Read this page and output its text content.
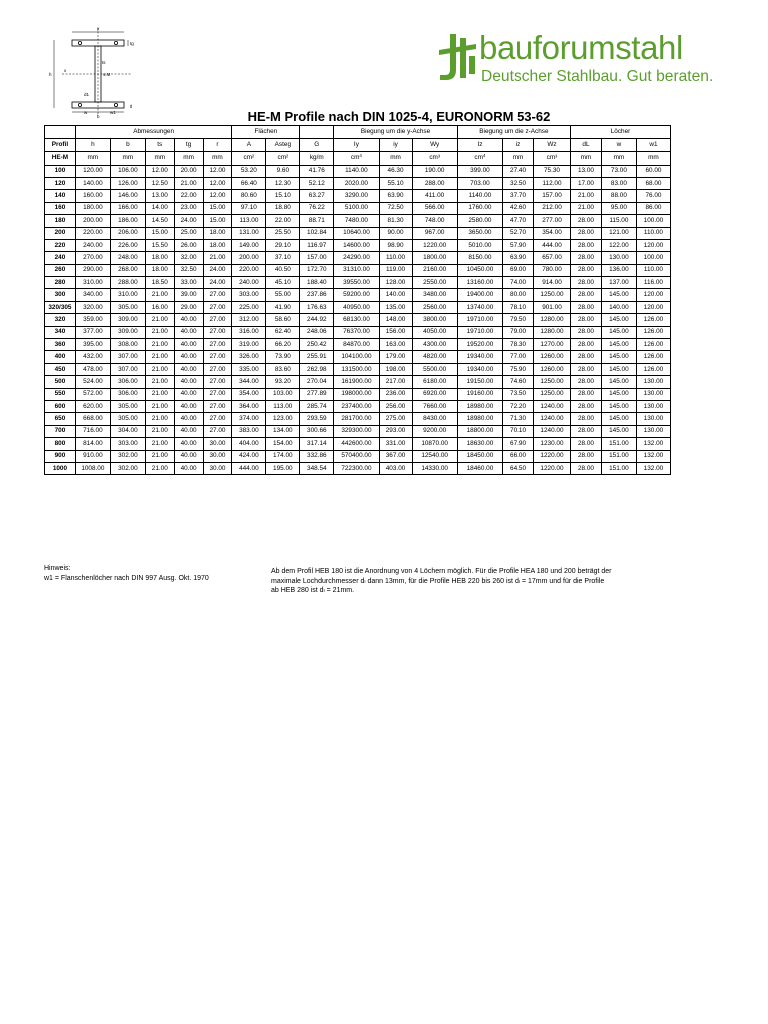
y
x
tg
ts
h
b
s.M
d1
w	w1
tl
bauforumstahl
Deutscher Stahlbau. Gut beraten.
HE-M Profile nach DIN 1025-4, EURONORM 53-62
	Abmessungen					Flächen			Biegung um die y-Achse			Biegung um die z-Achse			Löcher		
Profil	h	b	ts	tg	r	A	Asteg	G	Iy	iy	Wy	Iz	iz	Wz	dL	w	w1
HE-M	mm	mm	mm	mm	mm	cm²	cm²	kg/m	$cm^4$	mm	cm³	$cm^4$	mm	cm³	mm	mm	mm
100	120.00	106.00	12.00	20.00	12.00	53.20	9.60	41.76	1140.00	46.30	190.00	399.00	27.40	75.30	13.00	73.00	60.00
120	140.00	126.00	12.50	21.00	12.00	66.40	12.30	52.12	2020.00	55.10	288.00	703.00	32.50	112.00	17.00	83.00	68.00
140	160.00	146.00	13.00	22.00	12.00	80.60	15.10	63.27	3290.00	63.90	411.00	1140.00	37.70	157.00	21.00	88.00	76.00
160	180.00	166.00	14.00	23.00	15.00	97.10	18.80	76.22	5100.00	72.50	566.00	1760.00	42.60	212.00	21.00	95.00	86.00
180	200.00	186.00	14.50	24.00	15.00	113.00	22.00	88.71	7480.00	81.30	748.00	2580.00	47.70	277.00	28.00	115.00	100.00
200	220.00	206.00	15.00	25.00	18.00	131.00	25.50	102.84	10640.00	90.00	967.00	3650.00	52.70	354.00	28.00	121.00	110.00
220	240.00	226.00	15.50	26.00	18.00	149.00	29.10	116.97	14600.00	98.90	1220.00	5010.00	57.90	444.00	28.00	122.00	120.00
240	270.00	248.00	18.00	32.00	21.00	200.00	37.10	157.00	24290.00	110.00	1800.00	8150.00	63.90	657.00	28.00	130.00	100.00
260	290.00	268.00	18.00	32.50	24.00	220.00	40.50	172.70	31310.00	119.00	2160.00	10450.00	69.00	780.00	28.00	136.00	110.00
280	310.00	288.00	18.50	33.00	24.00	240.00	45.10	188.40	39550.00	128.00	2550.00	13160.00	74.00	914.00	28.00	137.00	116.00
300	340.00	310.00	21.00	39.00	27.00	303.00	55.00	237.86	59200.00	140.00	3480.00	19400.00	80.00	1250.00	28.00	145.00	120.00
320/305	320.00	305.00	16.00	29.00	27.00	225.00	41.90	176.63	40950.00	135.00	2560.00	13740.00	78.10	901.00	28.00	140.00	120.00
320	359.00	309.00	21.00	40.00	27.00	312.00	58.60	244.92	68130.00	148.00	3800.00	19710.00	79.50	1280.00	28.00	145.00	126.00
340	377.00	309.00	21.00	40.00	27.00	316.00	62.40	248.06	76370.00	156.00	4050.00	19710.00	79.00	1280.00	28.00	145.00	126.00
360	395.00	308.00	21.00	40.00	27.00	319.00	66.20	250.42	84870.00	163.00	4300.00	19520.00	78.30	1270.00	28.00	145.00	126.00
400	432.00	307.00	21.00	40.00	27.00	326.00	73.90	255.91	104100.00	179.00	4820.00	19340.00	77.00	1260.00	28.00	145.00	126.00
450	478.00	307.00	21.00	40.00	27.00	335.00	83.60	262.98	131500.00	198.00	5500.00	19340.00	75.90	1260.00	28.00	145.00	126.00
500	524.00	306.00	21.00	40.00	27.00	344.00	93.20	270.04	161900.00	217.00	6180.00	19150.00	74.60	1250.00	28.00	145.00	130.00
550	572.00	306.00	21.00	40.00	27.00	354.00	103.00	277.89	198000.00	236.00	6920.00	19160.00	73.50	1250.00	28.00	145.00	130.00
600	620.00	305.00	21.00	40.00	27.00	364.00	113.00	285.74	237400.00	256.00	7660.00	18980.00	72.20	1240.00	28.00	145.00	130.00
650	668.00	305.00	21.00	40.00	27.00	374.00	123.00	293.59	281700.00	275.00	8430.00	18980.00	71.30	1240.00	28.00	145.00	130.00
700	716.00	304.00	21.00	40.00	27.00	383.00	134.00	300.66	329300.00	293.00	9200.00	18800.00	70.10	1240.00	28.00	145.00	130.00
800	814.00	303.00	21.00	40.00	30.00	404.00	154.00	317.14	442600.00	331.00	10870.00	18630.00	67.90	1230.00	28.00	151.00	132.00
900	910.00	302.00	21.00	40.00	30.00	424.00	174.00	332.86	570400.00	367.00	12540.00	18450.00	66.00	1220.00	28.00	151.00	132.00
1000	1008.00	302.00	21.00	40.00	30.00	444.00	195.00	348.54	722300.00	403.00	14330.00	18460.00	64.50	1220.00	28.00	151.00	132.00
Hinweis:
w1 = Flanschenlöcher nach DIN 997 Ausg. Okt. 1970
Ab dem Profil HEB 180 ist die Anordnung von 4 Löchern möglich. Für die Profile HEA 180 und 200 beträgt der
maximale Lochdurchmesser dₗ dann 13mm, für die Profile HEB 220 bis 260 ist dₗ = 17mm und für die Profile
ab HEB 280 ist dₗ = 21mm.
